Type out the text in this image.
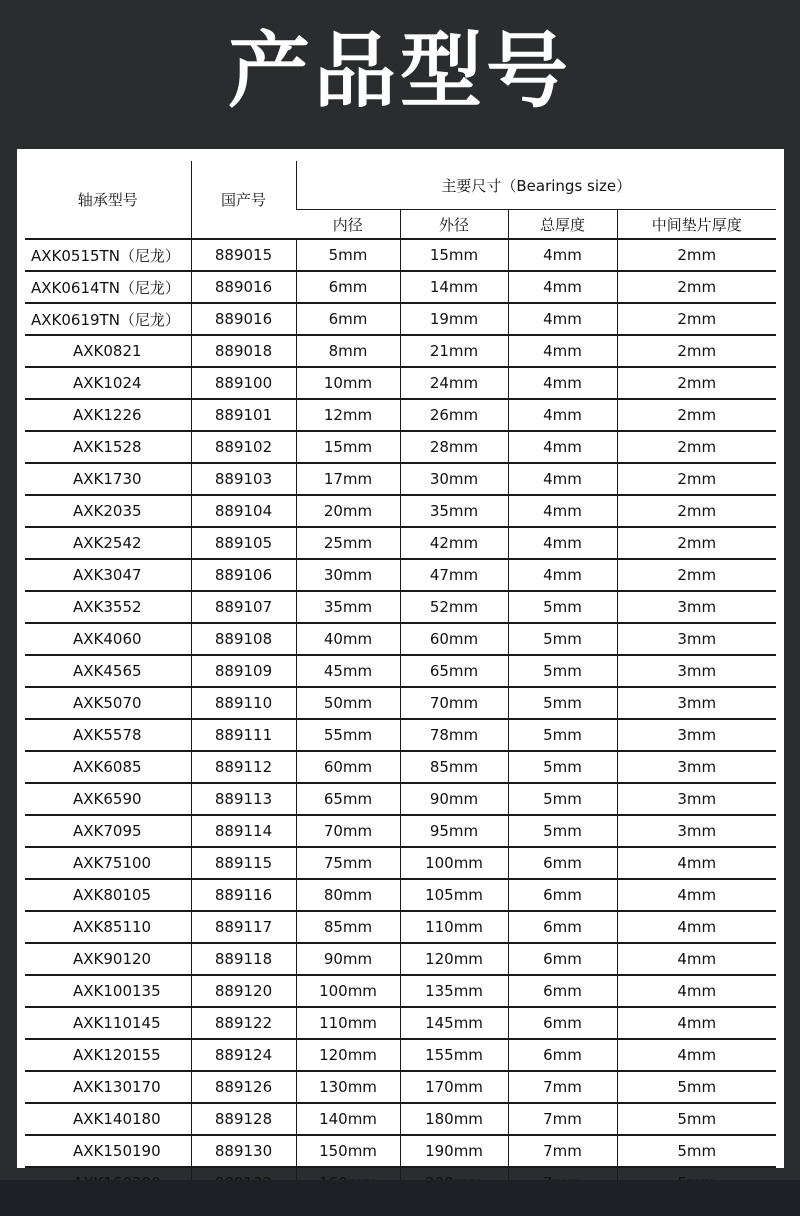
产品型号
轴承型号	国产号	主要尺寸（Bearings size）			
		内径	外径	总厚度	中间垫片厚度
AXK0515TN（尼龙）	889015	5mm	15mm	4mm	2mm
AXK0614TN（尼龙）	889016	6mm	14mm	4mm	2mm
AXK0619TN（尼龙）	889016	6mm	19mm	4mm	2mm
AXK0821	889018	8mm	21mm	4mm	2mm
AXK1024	889100	10mm	24mm	4mm	2mm
AXK1226	889101	12mm	26mm	4mm	2mm
AXK1528	889102	15mm	28mm	4mm	2mm
AXK1730	889103	17mm	30mm	4mm	2mm
AXK2035	889104	20mm	35mm	4mm	2mm
AXK2542	889105	25mm	42mm	4mm	2mm
AXK3047	889106	30mm	47mm	4mm	2mm
AXK3552	889107	35mm	52mm	5mm	3mm
AXK4060	889108	40mm	60mm	5mm	3mm
AXK4565	889109	45mm	65mm	5mm	3mm
AXK5070	889110	50mm	70mm	5mm	3mm
AXK5578	889111	55mm	78mm	5mm	3mm
AXK6085	889112	60mm	85mm	5mm	3mm
AXK6590	889113	65mm	90mm	5mm	3mm
AXK7095	889114	70mm	95mm	5mm	3mm
AXK75100	889115	75mm	100mm	6mm	4mm
AXK80105	889116	80mm	105mm	6mm	4mm
AXK85110	889117	85mm	110mm	6mm	4mm
AXK90120	889118	90mm	120mm	6mm	4mm
AXK100135	889120	100mm	135mm	6mm	4mm
AXK110145	889122	110mm	145mm	6mm	4mm
AXK120155	889124	120mm	155mm	6mm	4mm
AXK130170	889126	130mm	170mm	7mm	5mm
AXK140180	889128	140mm	180mm	7mm	5mm
AXK150190	889130	150mm	190mm	7mm	5mm
